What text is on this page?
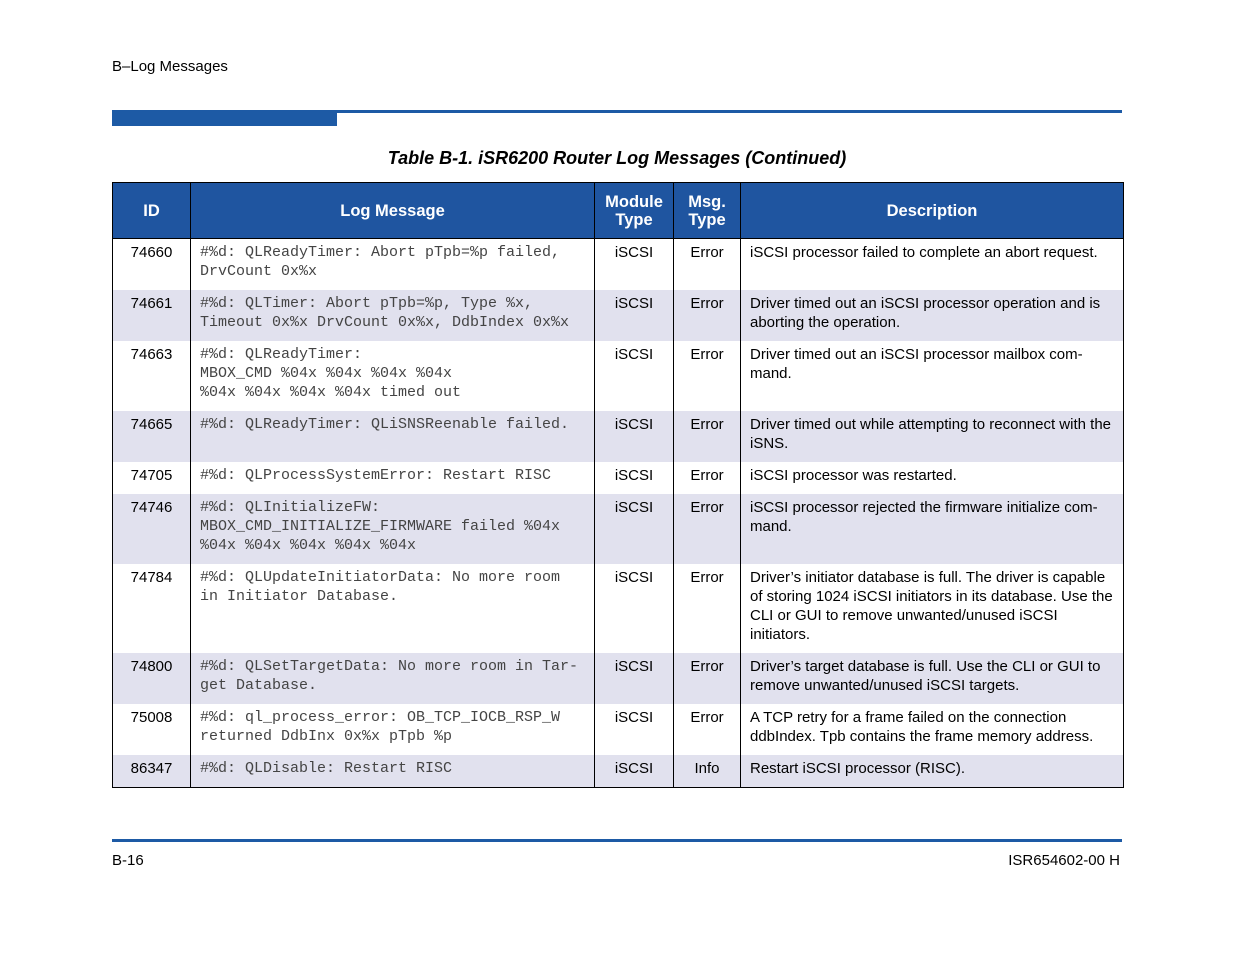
B–Log Messages
Table B-1. iSR6200 Router Log Messages (Continued)
ID	Log Message	Module Type	Msg. Type	Description
74660	#%d: QLReadyTimer: Abort pTpb=%p failed,
DrvCount 0x%x	iSCSI	Error	iSCSI processor failed to complete an abort request.
74661	#%d: QLTimer: Abort pTpb=%p, Type %x,
Timeout 0x%x DrvCount 0x%x, DdbIndex 0x%x	iSCSI	Error	Driver timed out an iSCSI processor operation and is aborting the operation.
74663	#%d: QLReadyTimer:
MBOX_CMD %04x %04x %04x %04x
%04x %04x %04x %04x timed out	iSCSI	Error	Driver timed out an iSCSI processor mailbox com-
mand.
74665	#%d: QLReadyTimer: QLiSNSReenable failed.	iSCSI	Error	Driver timed out while attempting to reconnect with the iSNS.
74705	#%d: QLProcessSystemError: Restart RISC	iSCSI	Error	iSCSI processor was restarted.
74746	#%d: QLInitializeFW:
MBOX_CMD_INITIALIZE_FIRMWARE failed %04x
%04x %04x %04x %04x %04x	iSCSI	Error	iSCSI processor rejected the firmware initialize com-
mand.
74784	#%d: QLUpdateInitiatorData: No more room
in Initiator Database.	iSCSI	Error	Driver’s initiator database is full. The driver is capable of storing 1024 iSCSI initiators in its database. Use the CLI or GUI to remove unwanted/unused iSCSI initiators.
74800	#%d: QLSetTargetData: No more room in Tar-
get Database.	iSCSI	Error	Driver’s target database is full. Use the CLI or GUI to remove unwanted/unused iSCSI targets.
75008	#%d: ql_process_error: OB_TCP_IOCB_RSP_W
returned DdbInx 0x%x pTpb %p	iSCSI	Error	A TCP retry for a frame failed on the connection ddbIndex. Tpb contains the frame memory address.
86347	#%d: QLDisable: Restart RISC	iSCSI	Info	Restart iSCSI processor (RISC).
B-16	ISR654602-00 H
